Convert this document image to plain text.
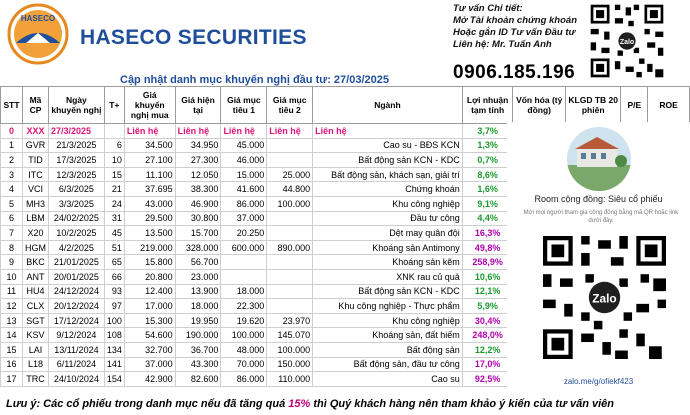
HASECO
HASECO SECURITIES
Tư vấn Chi tiết:
Mở Tài khoản chứng khoán
Hoặc gắn ID Tư vấn Đầu tư
Liên hệ: Mr. Tuấn Anh
0906.185.196
Zalo
Cập nhật danh mục khuyến nghị đầu tư: 27/03/2025
STT	Mã CP	Ngày khuyến nghị	T+	Giá khuyến nghị mua	Giá hiện tại	Giá mục tiêu 1	Giá mục tiêu 2	Ngành	Lợi nhuận tạm tính	Vốn hóa (tỷ đồng)	KLGD TB 20 phiên	P/E	ROE
0	XXX	27/3/2025		Liên hệ	Liên hệ	Liên hệ	Liên hệ	Liên hệ	3,7%				
1	GVR	21/3/2025	6	34.500	34.950	45.000		Cao su - BĐS KCN	1,3%				
2	TID	17/3/2025	10	27.100	27.300	46.000		Bất động sản KCN - KDC	0,7%				
3	ITC	12/3/2025	15	11.100	12.050	15.000	25.000	Bất động sản, khách sạn, giải trí	8,6%				
4	VCI	6/3/2025	21	37.695	38.300	41.600	44.800	Chứng khoán	1,6%				
5	MH3	3/3/2025	24	43.000	46.900	86.000	100.000	Khu công nghiệp	9,1%				
6	LBM	24/02/2025	31	29.500	30.800	37.000		Đầu tư công	4,4%				
7	X20	10/2/2025	45	13.500	15.700	20.250		Dệt may quân đội	16,3%				
8	HGM	4/2/2025	51	219.000	328.000	600.000	890.000	Khoáng sản Antimony	49,8%				
9	BKC	21/01/2025	65	15.800	56.700			Khoáng sản kẽm	258,9%				
10	ANT	20/01/2025	66	20.800	23.000			XNK rau củ quả	10,6%				
11	HU4	24/12/2024	93	12.400	13.900	18.000		Bất động sản KCN - KDC	12,1%				
12	CLX	20/12/2024	97	17.000	18.000	22.300		Khu công nghiệp - Thực phẩm	5,9%				
13	SGT	17/12/2024	100	15.300	19.950	19.620	23.970	Khu công nghiệp	30,4%				
14	KSV	9/12/2024	108	54.600	190.000	100.000	145.070	Khoáng sản, đất hiếm	248,0%				
15	LAI	13/11/2024	134	32.700	36.700	48.000	100.000	Bất động sản	12,2%				
16	L18	6/11/2024	141	37.000	43.300	70.000	150.000	Bất động sản, đầu tư công	17,0%				
17	TRC	24/10/2024	154	42.900	82.600	86.000	110.000	Cao su	92,5%				
Room cộng đồng: Siêu cổ phiếu
Mời mọi người tham gia cộng đồng bằng mã QR hoặc link dưới đây.
Zalo
zalo.me/g/ofiekf423
Lưu ý: Các cổ phiếu trong danh mục nếu đã tăng quá 15% thì Quý khách hàng nên tham khảo ý kiến của tư vấn viên
